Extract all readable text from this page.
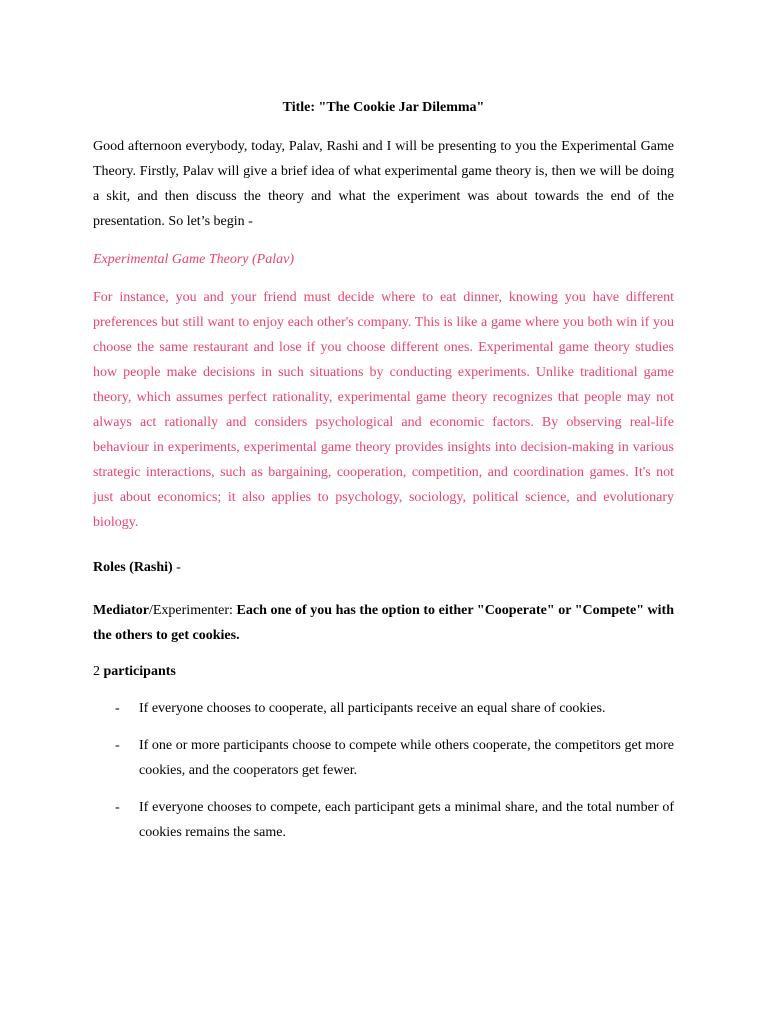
Title: "The Cookie Jar Dilemma"

Good afternoon everybody, today, Palav, Rashi and I will be presenting to you the Experimental Game Theory. Firstly, Palav will give a brief idea of what experimental game theory is, then we will be doing a skit, and then discuss the theory and what the experiment was about towards the end of the presentation. So let’s begin -

Experimental Game Theory (Palav)

For instance, you and your friend must decide where to eat dinner, knowing you have different preferences but still want to enjoy each other's company. This is like a game where you both win if you choose the same restaurant and lose if you choose different ones. Experimental game theory studies how people make decisions in such situations by conducting experiments. Unlike traditional game theory, which assumes perfect rationality, experimental game theory recognizes that people may not always act rationally and considers psychological and economic factors. By observing real-life behaviour in experiments, experimental game theory provides insights into decision-making in various strategic interactions, such as bargaining, cooperation, competition, and coordination games. It's not just about economics; it also applies to psychology, sociology, political science, and evolutionary biology.

Roles (Rashi) -

Mediator/Experimenter: Each one of you has the option to either "Cooperate" or "Compete" with the others to get cookies.

2 participants

- If everyone chooses to cooperate, all participants receive an equal share of cookies.
- If one or more participants choose to compete while others cooperate, the competitors get more cookies, and the cooperators get fewer.
- If everyone chooses to compete, each participant gets a minimal share, and the total number of cookies remains the same.
